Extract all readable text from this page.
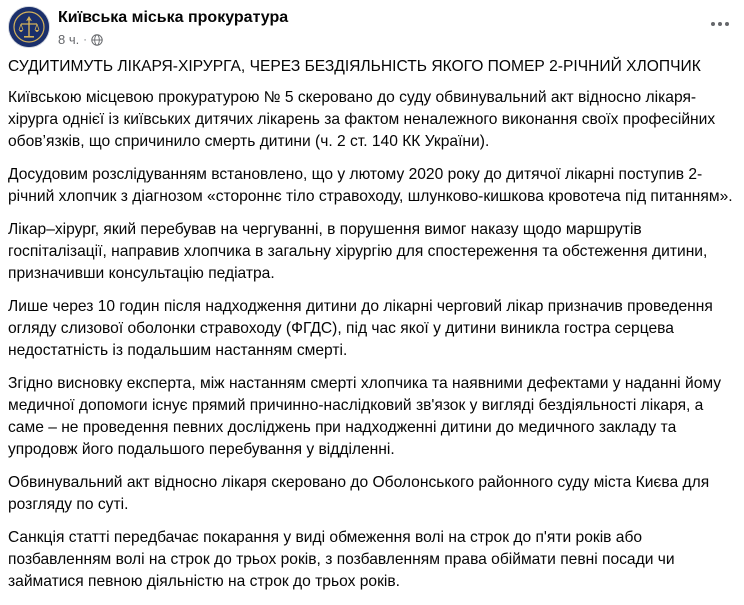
Київська міська прокуратура
8 ч. ·

СУДИТИМУТЬ ЛІКАРЯ-ХІРУРГА, ЧЕРЕЗ БЕЗДІЯЛЬНІСТЬ ЯКОГО ПОМЕР 2-РІЧНИЙ ХЛОПЧИК

Київською місцевою прокуратурою № 5 скеровано до суду обвинувальний акт відносно лікаря-хірурга однієї із київських дитячих лікарень за фактом неналежного виконання своїх професійних обов’язків, що спричинило смерть дитини (ч. 2 ст. 140 КК України).

Досудовим розслідуванням встановлено, що у лютому 2020 року до дитячої лікарні поступив 2-річний хлопчик з діагнозом «стороннє тіло стравоходу, шлунково-кишкова кровотеча під питанням».

Лікар–хірург, який перебував на чергуванні, в порушення вимог наказу щодо маршрутів госпіталізації, направив хлопчика в загальну хірургію для спостереження та обстеження дитини, призначивши консультацію педіатра.

Лише через 10 годин після надходження дитини до лікарні черговий лікар призначив проведення огляду слизової оболонки стравоходу (ФГДС), під час якої у дитини виникла гостра серцева недостатність із подальшим настанням смерті.

Згідно висновку експерта, між настанням смерті хлопчика та наявними дефектами у наданні йому медичної допомоги існує прямий причинно-наслідковий зв'язок у вигляді бездіяльності лікаря, а саме – не проведення певних досліджень при надходженні дитини до медичного закладу та упродовж його подальшого перебування у відділенні.

Обвинувальний акт відносно лікаря скеровано до Оболонського районного суду міста Києва для розгляду по суті.

Санкція статті передбачає покарання у виді обмеження волі на строк до п'яти років або позбавленням волі на строк до трьох років, з позбавленням права обіймати певні посади чи займатися певною діяльністю на строк до трьох років.
